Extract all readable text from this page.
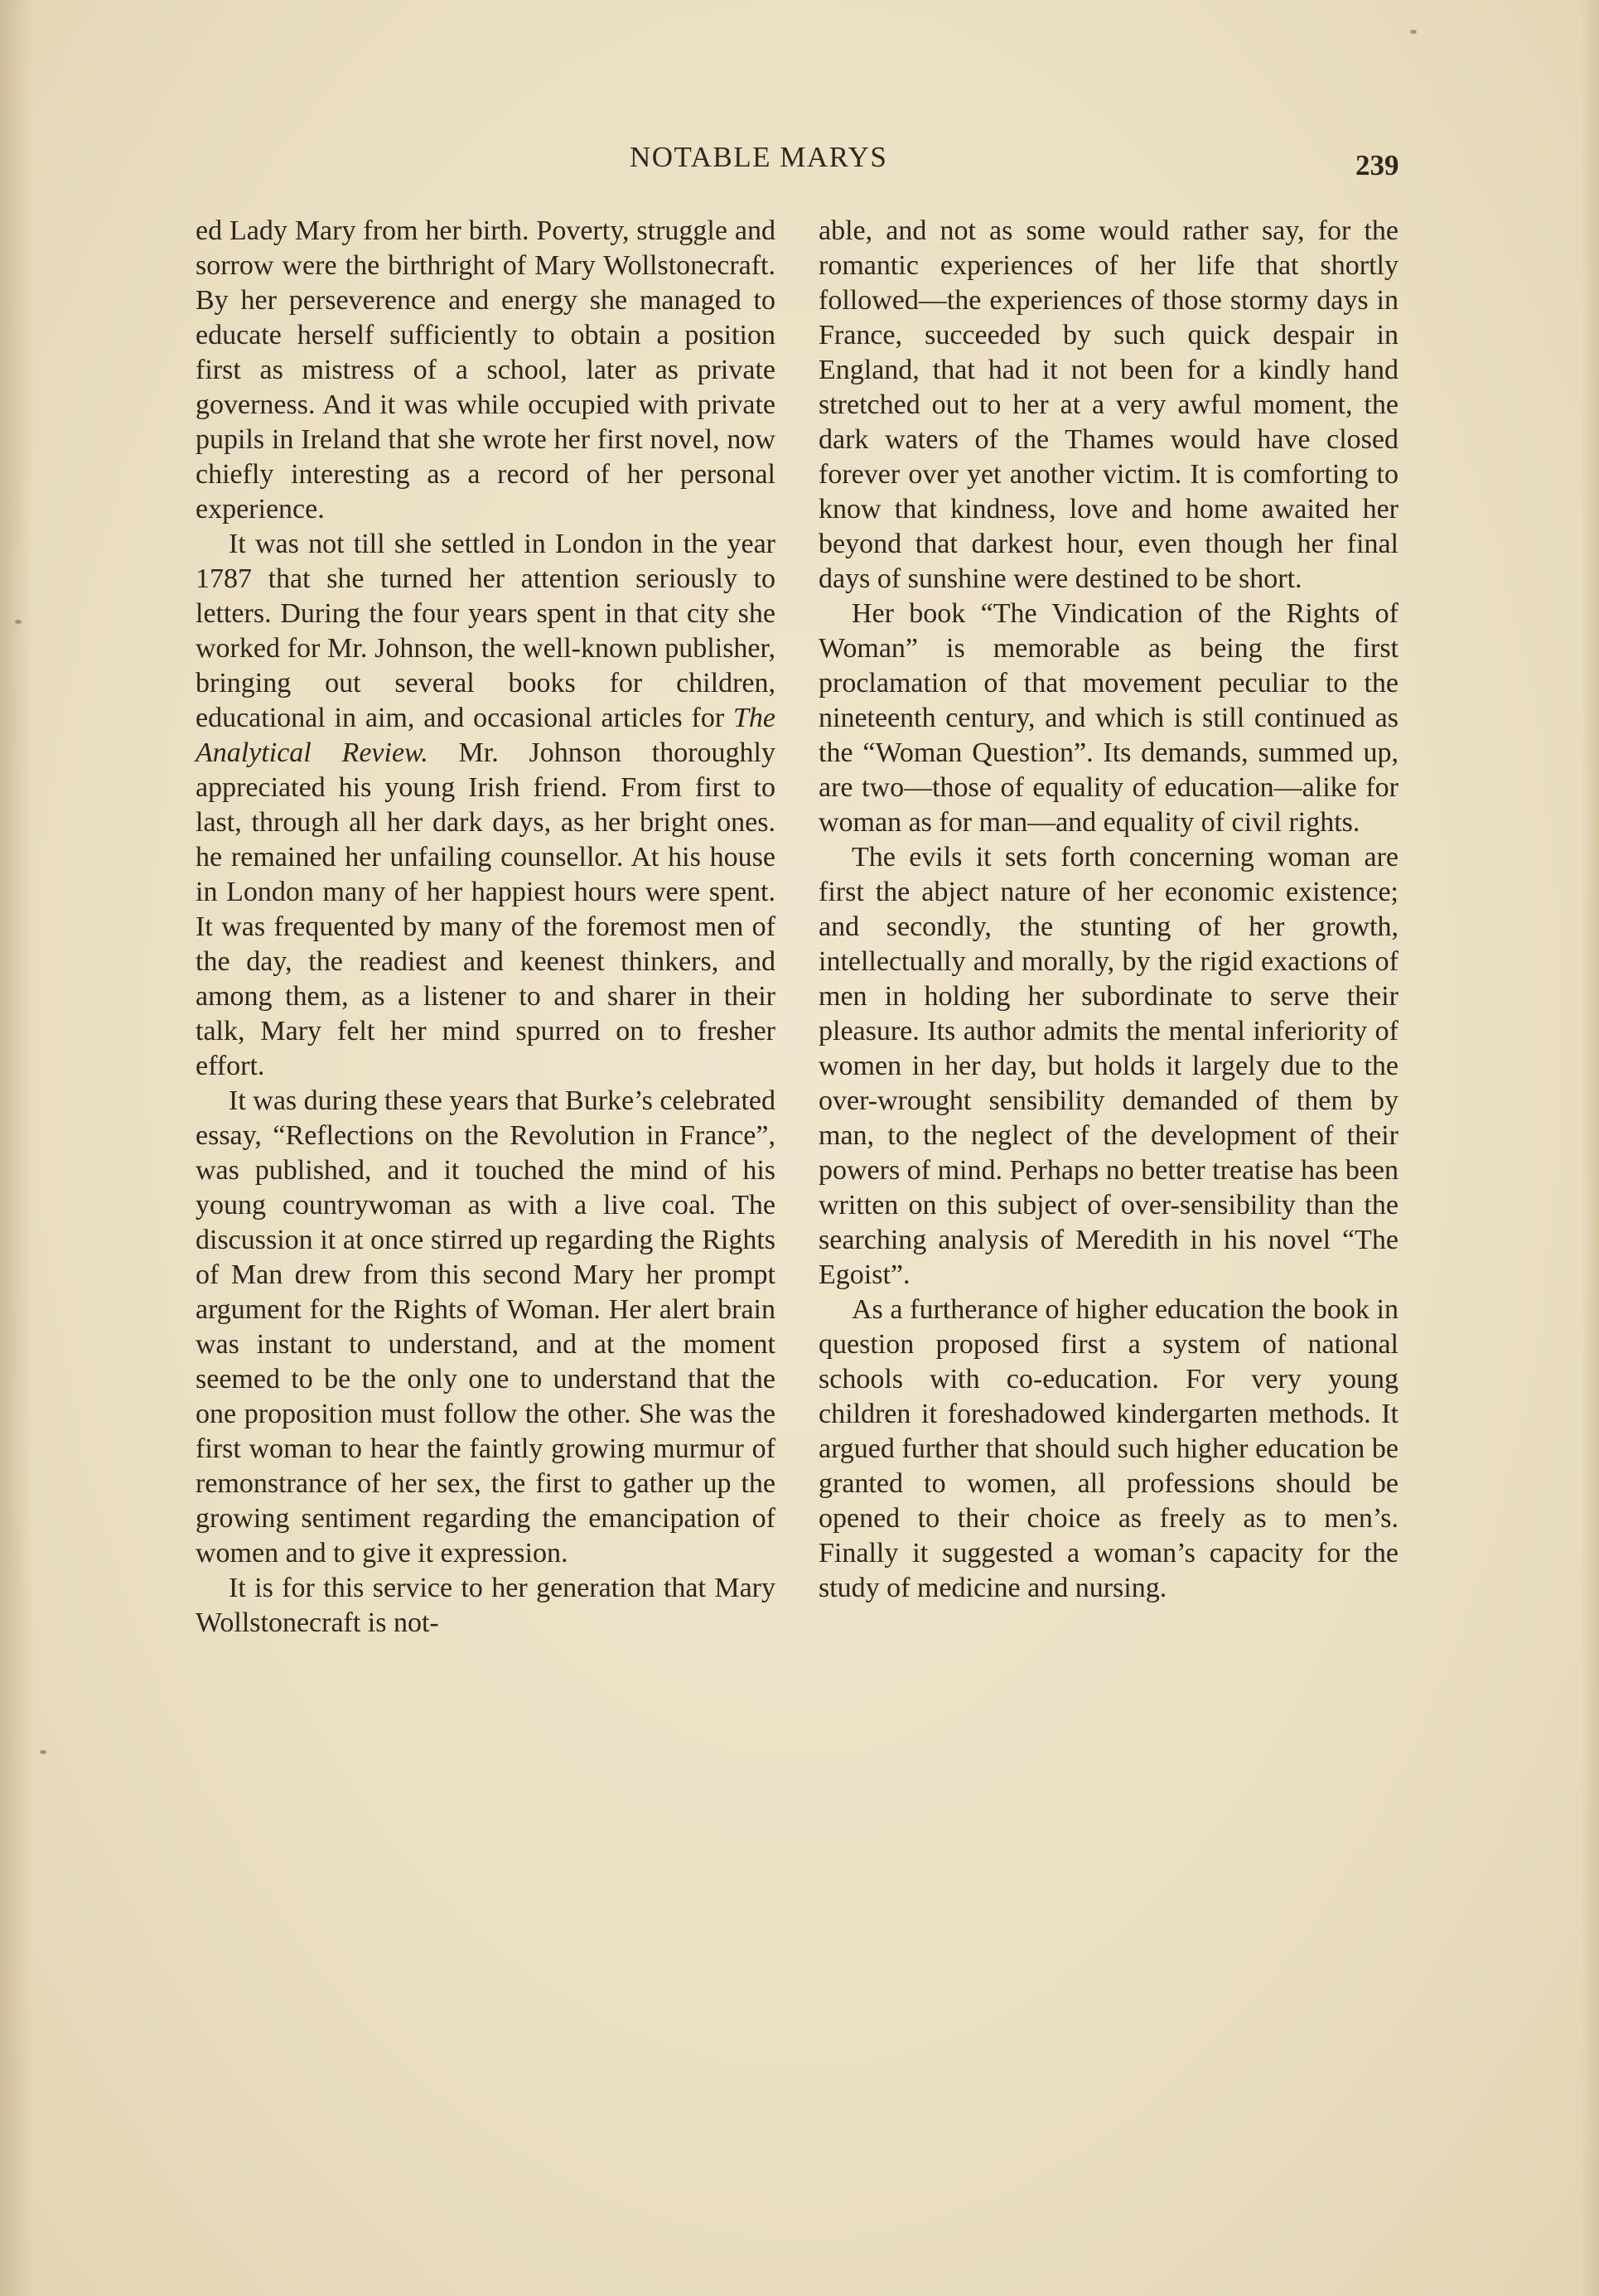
NOTABLE MARYS	239

ed Lady Mary from her birth. Poverty, struggle and sorrow were the birthright of Mary Wollstonecraft. By her perseverence and energy she managed to educate herself sufficiently to obtain a position first as mistress of a school, later as private governess. And it was while occupied with private pupils in Ireland that she wrote her first novel, now chiefly interesting as a record of her personal experience.

It was not till she settled in London in the year 1787 that she turned her attention seriously to letters. During the four years spent in that city she worked for Mr. Johnson, the well-known publisher, bringing out several books for children, educational in aim, and occasional articles for The Analytical Review. Mr. Johnson thoroughly appreciated his young Irish friend. From first to last, through all her dark days, as her bright ones. he remained her unfailing counsellor. At his house in London many of her happiest hours were spent. It was frequented by many of the foremost men of the day, the readiest and keenest thinkers, and among them, as a listener to and sharer in their talk, Mary felt her mind spurred on to fresher effort.

It was during these years that Burke’s celebrated essay, “Reflections on the Revolution in France”, was published, and it touched the mind of his young countrywoman as with a live coal. The discussion it at once stirred up regarding the Rights of Man drew from this second Mary her prompt argument for the Rights of Woman. Her alert brain was instant to understand, and at the moment seemed to be the only one to understand that the one proposition must follow the other. She was the first woman to hear the faintly growing murmur of remonstrance of her sex, the first to gather up the growing sentiment regarding the emancipation of women and to give it expression.

It is for this service to her generation that Mary Wollstonecraft is not-

able, and not as some would rather say, for the romantic experiences of her life that shortly followed—the experiences of those stormy days in France, succeeded by such quick despair in England, that had it not been for a kindly hand stretched out to her at a very awful moment, the dark waters of the Thames would have closed forever over yet another victim. It is comforting to know that kindness, love and home awaited her beyond that darkest hour, even though her final days of sunshine were destined to be short.

Her book “The Vindication of the Rights of Woman” is memorable as being the first proclamation of that movement peculiar to the nineteenth century, and which is still continued as the “Woman Question”. Its demands, summed up, are two—those of equality of education—alike for woman as for man—and equality of civil rights.

The evils it sets forth concerning woman are first the abject nature of her economic existence; and secondly, the stunting of her growth, intellectually and morally, by the rigid exactions of men in holding her subordinate to serve their pleasure. Its author admits the mental inferiority of women in her day, but holds it largely due to the over-wrought sensibility demanded of them by man, to the neglect of the development of their powers of mind. Perhaps no better treatise has been written on this subject of over-sensibility than the searching analysis of Meredith in his novel “The Egoist”.

As a furtherance of higher education the book in question proposed first a system of national schools with co-education. For very young children it foreshadowed kindergarten methods. It argued further that should such higher education be granted to women, all professions should be opened to their choice as freely as to men’s. Finally it suggested a woman’s capacity for the study of medicine and nursing.
